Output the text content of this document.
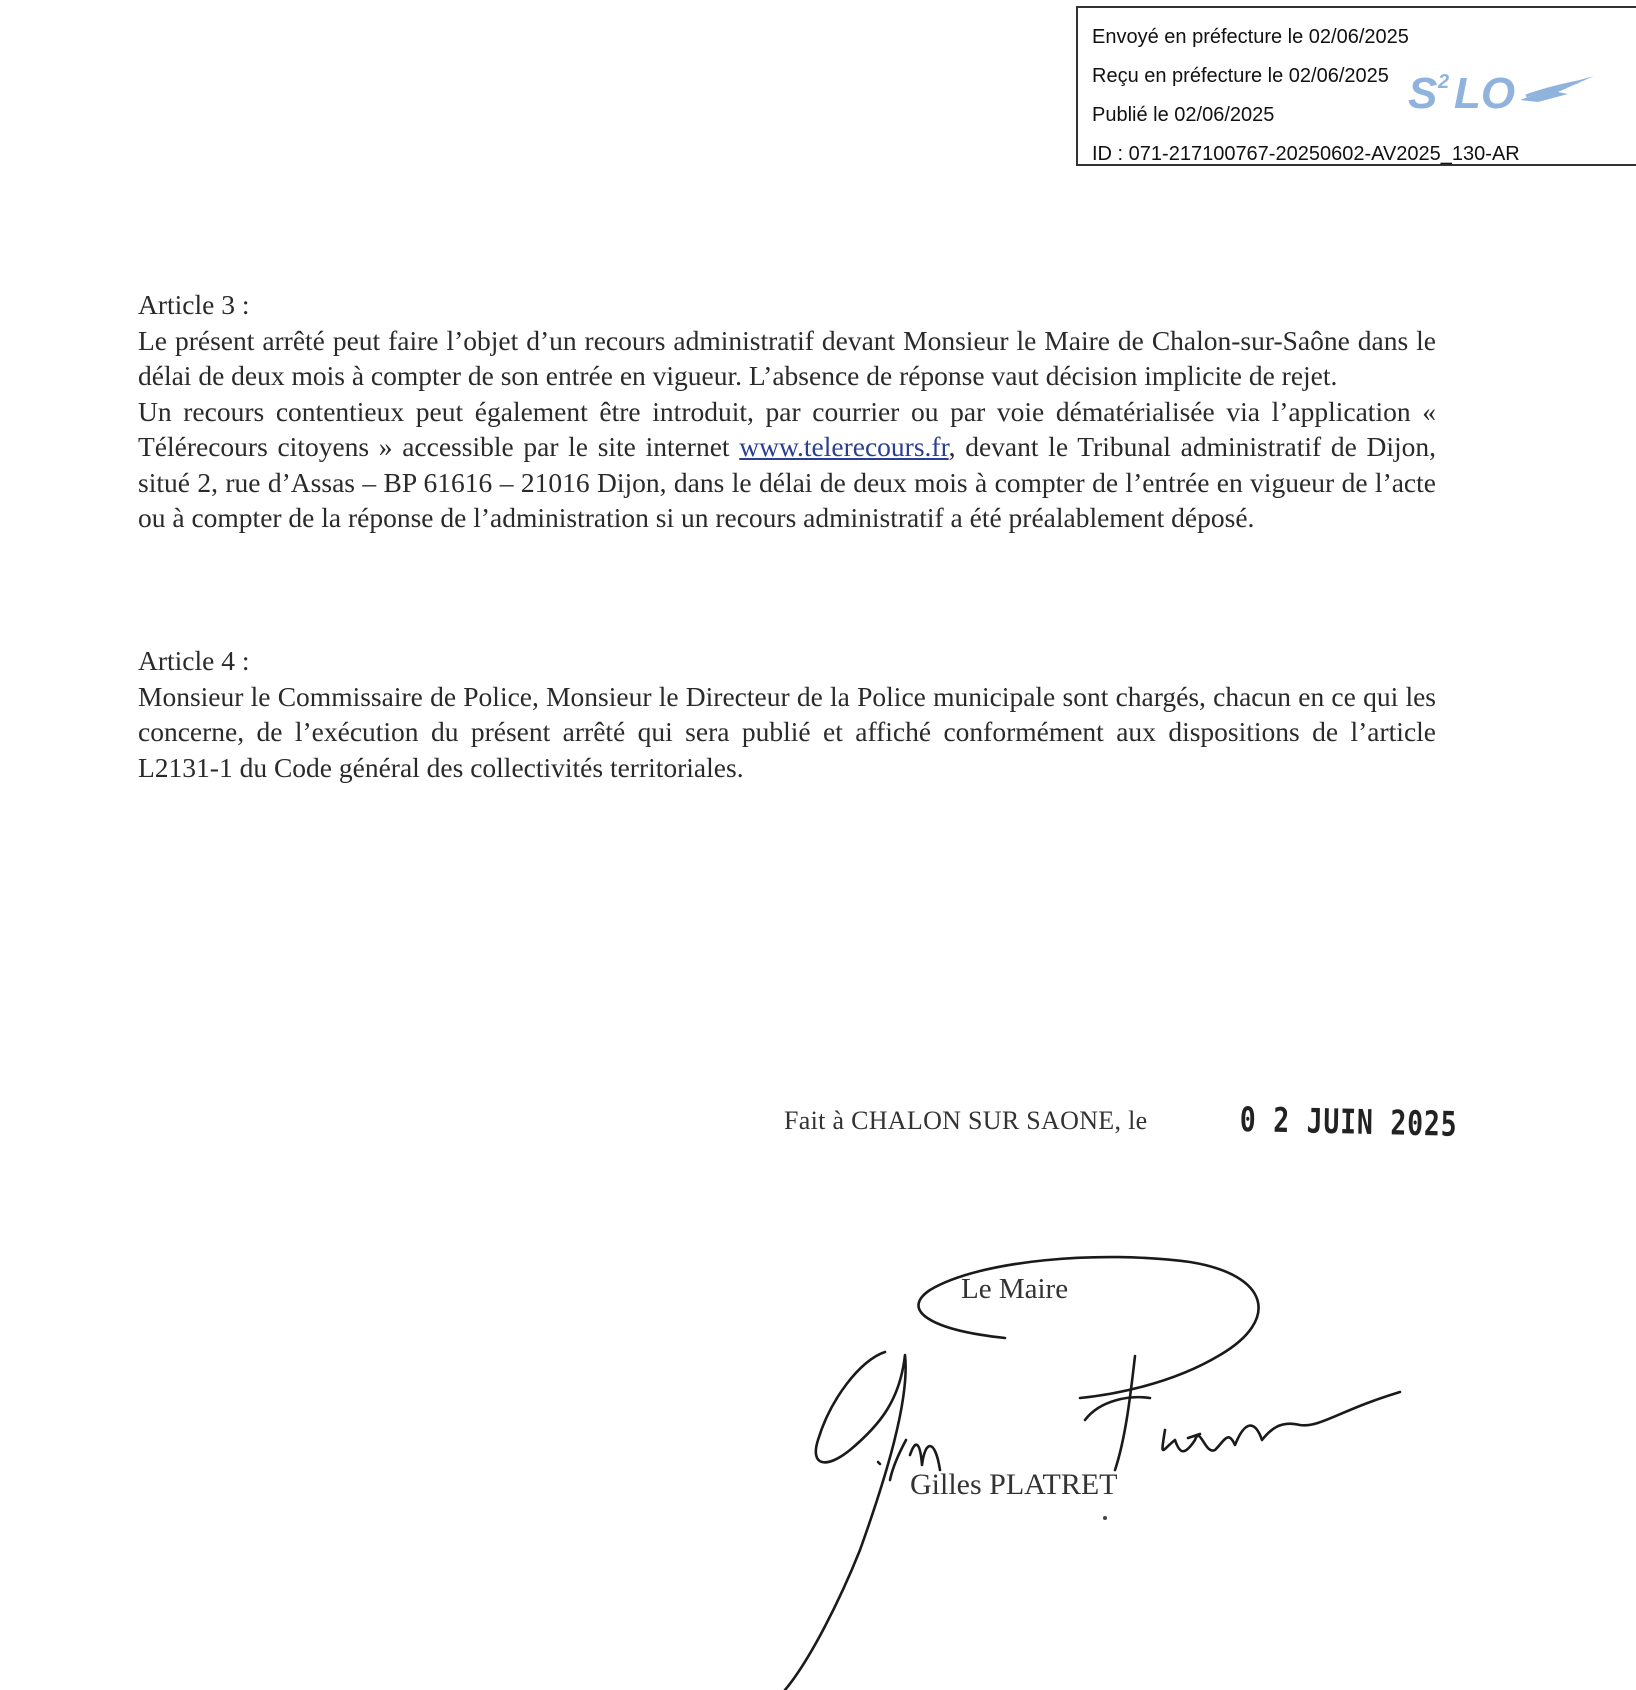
Envoyé en préfecture le 02/06/2025
Reçu en préfecture le 02/06/2025
Publié le 02/06/2025
ID : 071-217100767-20250602-AV2025_130-AR
S 2 LO
Article 3 :

Le présent arrêté peut faire l’objet d’un recours administratif devant Monsieur le Maire de Chalon-sur-Saône dans le délai de deux mois à compter de son entrée en vigueur. L’absence de réponse vaut décision implicite de rejet.

Un recours contentieux peut également être introduit, par courrier ou par voie dématérialisée via l’application « Télérecours citoyens » accessible par le site internet www.telerecours.fr, devant le Tribunal administratif de Dijon, situé 2, rue d’Assas – BP 61616 – 21016 Dijon, dans le délai de deux mois à compter de l’entrée en vigueur de l’acte ou à compter de la réponse de l’administration si un recours administratif a été préalablement déposé.

Article 4 :

Monsieur le Commissaire de Police, Monsieur le Directeur de la Police municipale sont chargés, chacun en ce qui les concerne, de l’exécution du présent arrêté qui sera publié et affiché conformément aux dispositions de l’article L2131-1 du Code général des collectivités territoriales.

Fait à CHALON SUR SAONE, le	0 2 JUIN 2025
Le Maire
Gilles PLATRET
